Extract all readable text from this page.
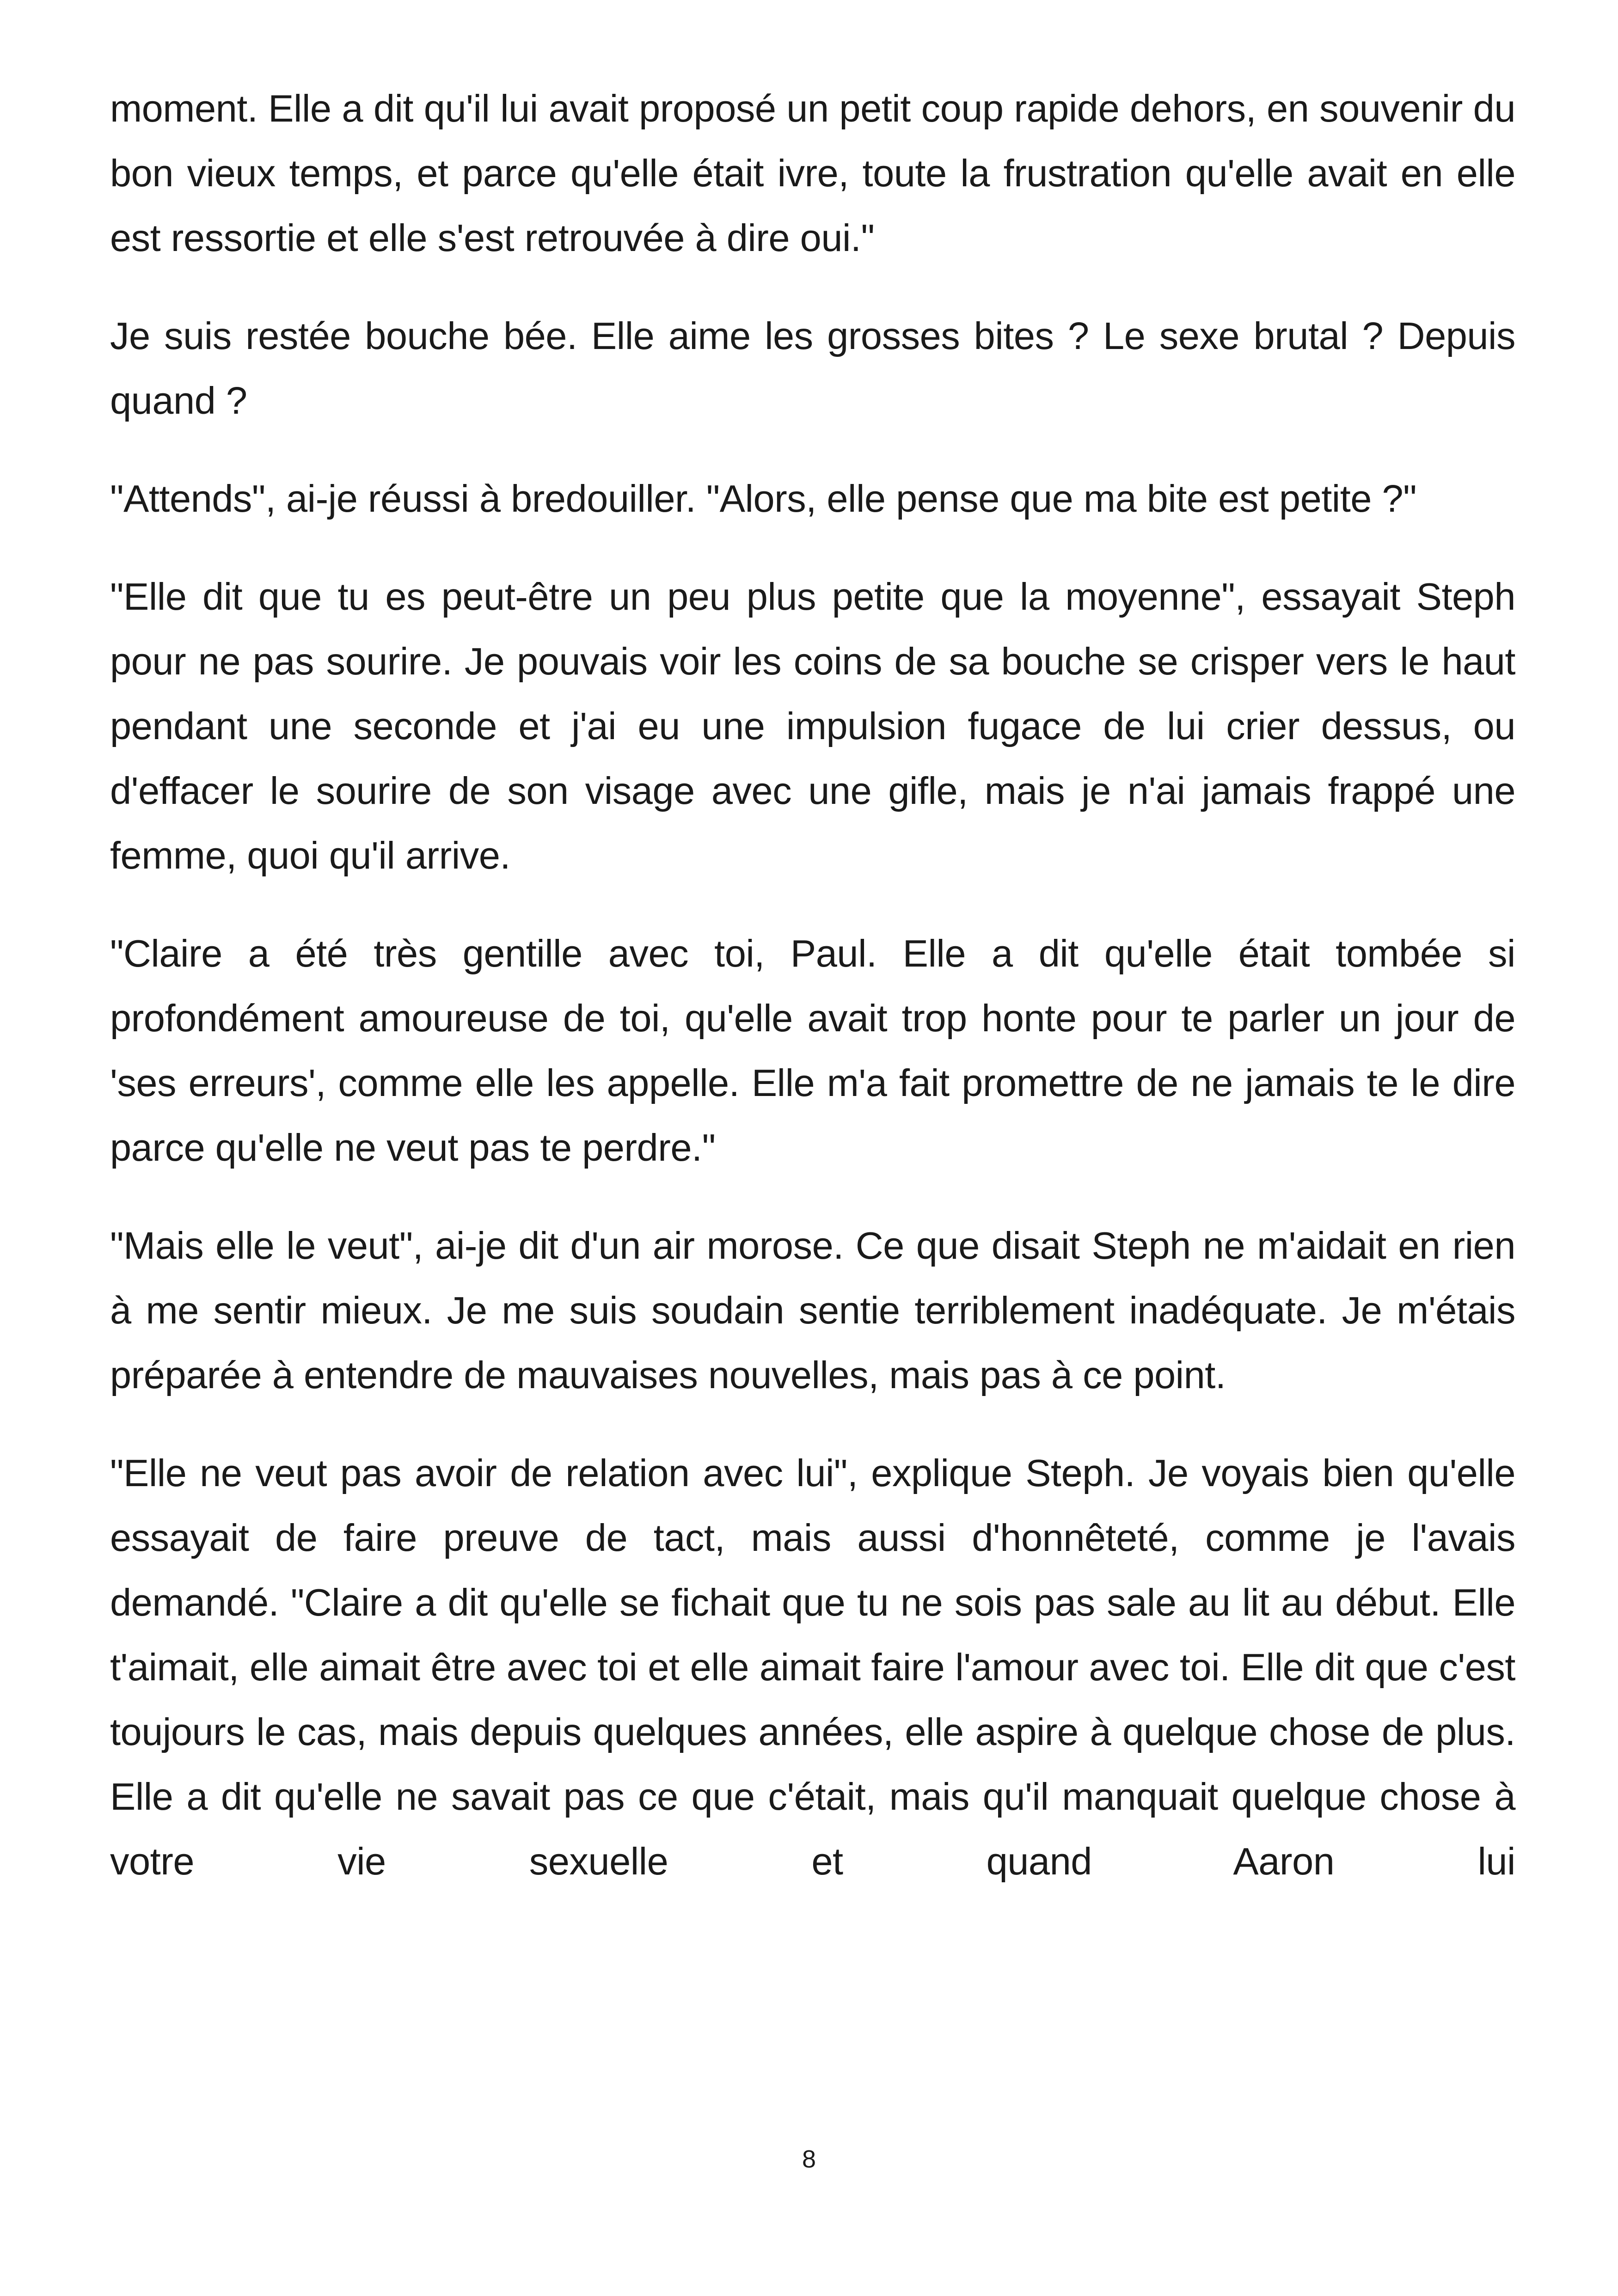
moment. Elle a dit qu'il lui avait proposé un petit coup rapide dehors, en souvenir du bon vieux temps, et parce qu'elle était ivre, toute la frustration qu'elle avait en elle est ressortie et elle s'est retrouvée à dire oui."

Je suis restée bouche bée. Elle aime les grosses bites ? Le sexe brutal ? Depuis quand ?

"Attends", ai-je réussi à bredouiller. "Alors, elle pense que ma bite est petite ?"

"Elle dit que tu es peut-être un peu plus petite que la moyenne", essayait Steph pour ne pas sourire. Je pouvais voir les coins de sa bouche se crisper vers le haut pendant une seconde et j'ai eu une impulsion fugace de lui crier dessus, ou d'effacer le sourire de son visage avec une gifle, mais je n'ai jamais frappé une femme, quoi qu'il arrive.

"Claire a été très gentille avec toi, Paul. Elle a dit qu'elle était tombée si profondément amoureuse de toi, qu'elle avait trop honte pour te parler un jour de 'ses erreurs', comme elle les appelle. Elle m'a fait promettre de ne jamais te le dire parce qu'elle ne veut pas te perdre."

"Mais elle le veut", ai-je dit d'un air morose. Ce que disait Steph ne m'aidait en rien à me sentir mieux. Je me suis soudain sentie terriblement inadéquate. Je m'étais préparée à entendre de mauvaises nouvelles, mais pas à ce point.

"Elle ne veut pas avoir de relation avec lui", explique Steph. Je voyais bien qu'elle essayait de faire preuve de tact, mais aussi d'honnêteté, comme je l'avais demandé. "Claire a dit qu'elle se fichait que tu ne sois pas sale au lit au début. Elle t'aimait, elle aimait être avec toi et elle aimait faire l'amour avec toi. Elle dit que c'est toujours le cas, mais depuis quelques années, elle aspire à quelque chose de plus. Elle a dit qu'elle ne savait pas ce que c'était, mais qu'il manquait quelque chose à votre vie sexuelle et quand Aaron lui

8
